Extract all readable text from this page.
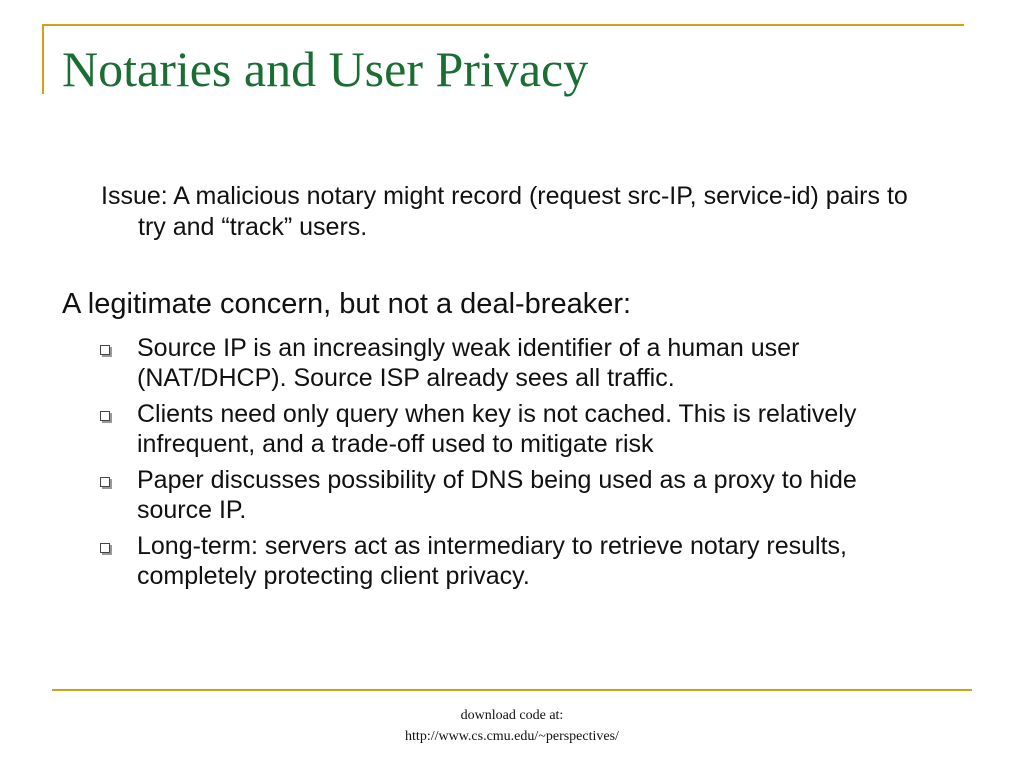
Notaries and User Privacy

Issue: A malicious notary might record (request src-IP, service-id) pairs to try and “track” users.

A legitimate concern, but not a deal-breaker:

Source IP is an increasingly weak identifier of a human user (NAT/DHCP). Source ISP already sees all traffic.
Clients need only query when key is not cached. This is relatively infrequent, and a trade-off used to mitigate risk
Paper discusses possibility of DNS being used as a proxy to hide source IP.
Long-term: servers act as intermediary to retrieve notary results, completely protecting client privacy.
download code at:
http://www.cs.cmu.edu/~perspectives/
